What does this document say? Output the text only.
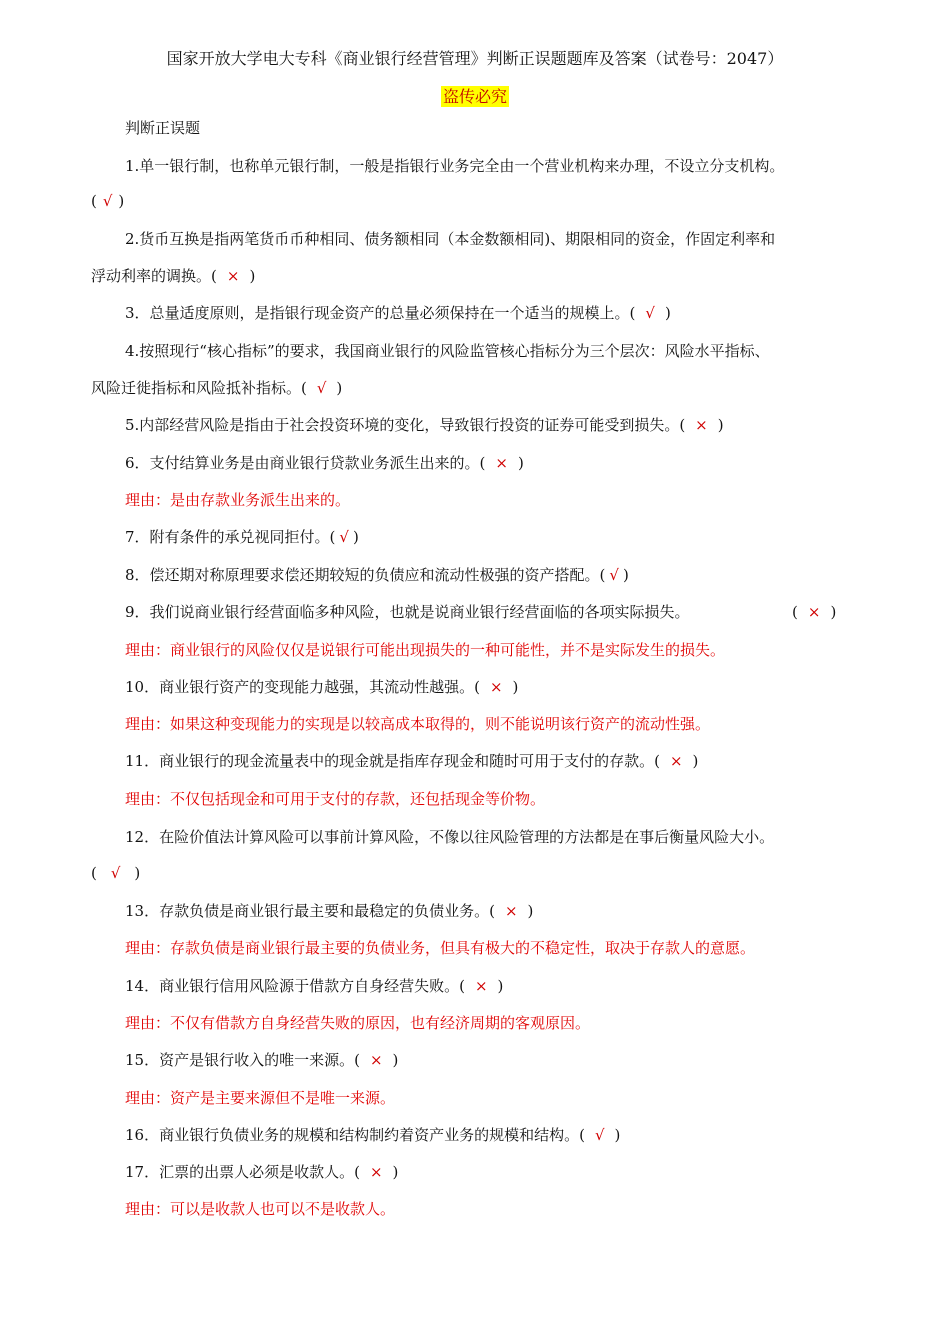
国家开放大学电大专科《商业银行经营管理》判断正误题题库及答案（试卷号：2047）
盗传必究
判断正误题
1.单一银行制，也称单元银行制，一般是指银行业务完全由一个营业机构来办理，不设立分支机构。
( √ )
2.货币互换是指两笔货币币种相同、债务额相同（本金数额相同)、期限相同的资金，作固定利率和
浮动利率的调换。( × )
3．总量适度原则，是指银行现金资产的总量必须保持在一个适当的规模上。( √ )
4.按照现行“核心指标”的要求，我国商业银行的风险监管核心指标分为三个层次：风险水平指标、
风险迁徙指标和风险抵补指标。( √ )
5.内部经营风险是指由于社会投资环境的变化，导致银行投资的证券可能受到损失。( × )
6．支付结算业务是由商业银行贷款业务派生出来的。( × )
理由：是由存款业务派生出来的。
7．附有条件的承兑视同拒付。( √ )
8．偿还期对称原理要求偿还期较短的负债应和流动性极强的资产搭配。( √ )
9．我们说商业银行经营面临多种风险，也就是说商业银行经营面临的各项实际损失。	( × )
理由：商业银行的风险仅仅是说银行可能出现损失的一种可能性，并不是实际发生的损失。
10．商业银行资产的变现能力越强，其流动性越强。( × )
理由：如果这种变现能力的实现是以较高成本取得的，则不能说明该行资产的流动性强。
11．商业银行的现金流量表中的现金就是指库存现金和随时可用于支付的存款。( × )
理由：不仅包括现金和可用于支付的存款，还包括现金等价物。
12．在险价值法计算风险可以事前计算风险，不像以往风险管理的方法都是在事后衡量风险大小。
( √ )
13．存款负债是商业银行最主要和最稳定的负债业务。( × )
理由：存款负债是商业银行最主要的负债业务，但具有极大的不稳定性，取决于存款人的意愿。
14．商业银行信用风险源于借款方自身经营失败。( × )
理由：不仅有借款方自身经营失败的原因，也有经济周期的客观原因。
15．资产是银行收入的唯一来源。( × )
理由：资产是主要来源但不是唯一来源。
16．商业银行负债业务的规模和结构制约着资产业务的规模和结构。( √ )
17．汇票的出票人必须是收款人。( × )
理由：可以是收款人也可以不是收款人。
